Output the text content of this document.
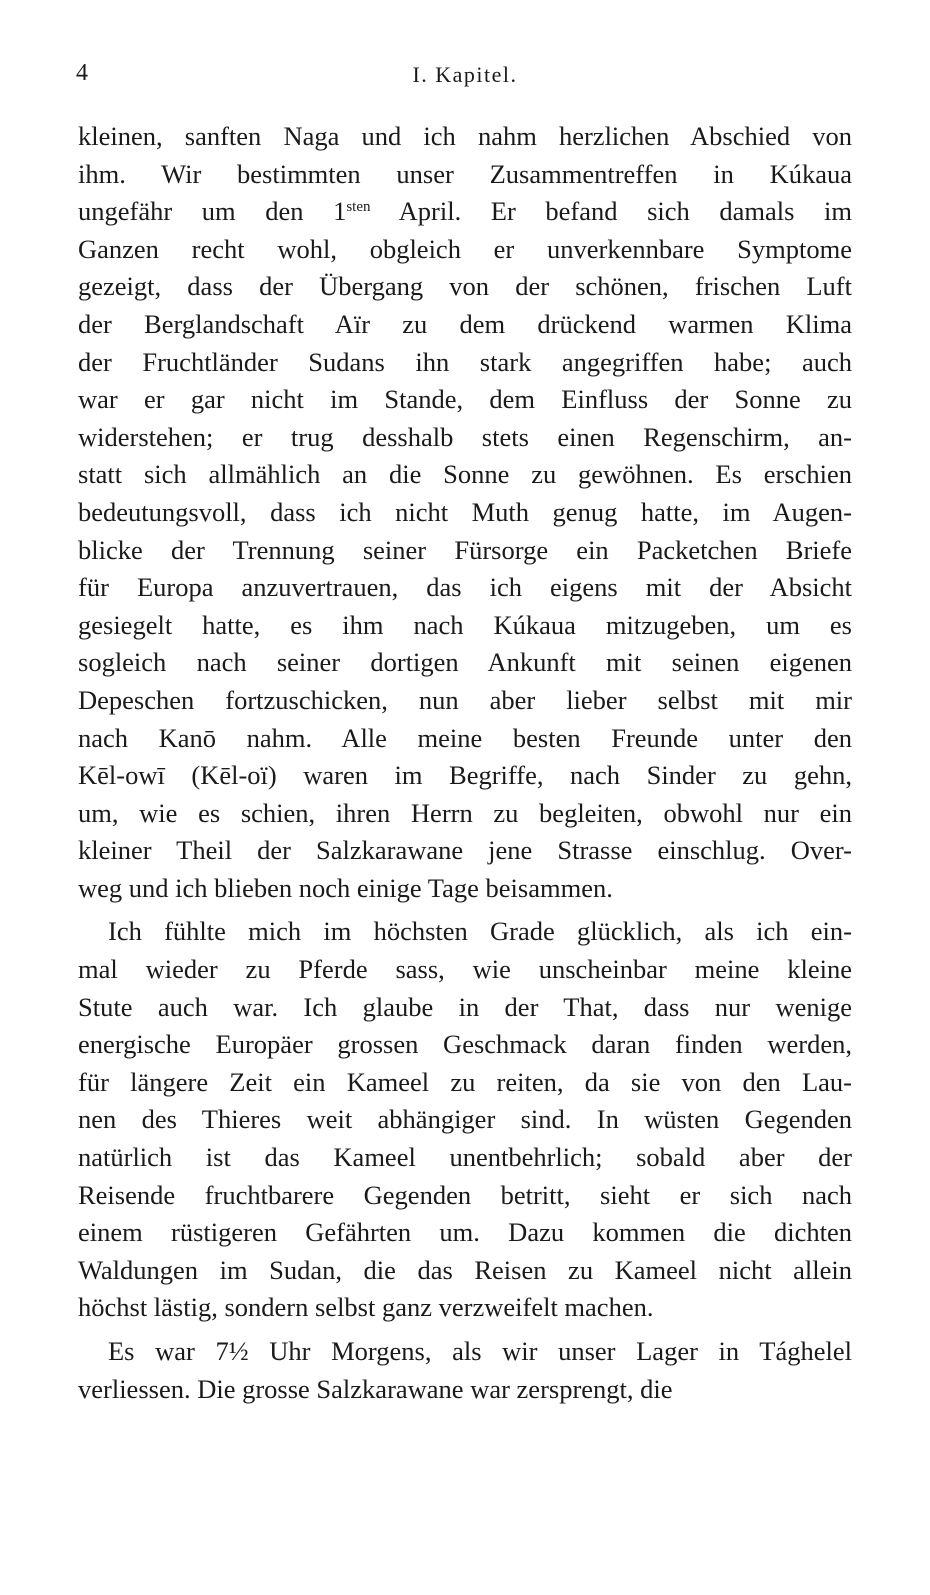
4	I. Kapitel.
kleinen, sanften Naga und ich nahm herzlichen Abschied von
ihm. Wir bestimmten unser Zusammentreffen in Kúkaua
ungefähr um den $1^{sten}$ April. Er befand sich damals im
Ganzen recht wohl, obgleich er unverkennbare Symptome
gezeigt, dass der Übergang von der schönen, frischen Luft
der Berglandschaft Aïr zu dem drückend warmen Klima
der Fruchtländer Sudans ihn stark angegriffen habe; auch
war er gar nicht im Stande, dem Einfluss der Sonne zu
widerstehen; er trug desshalb stets einen Regenschirm, an-
statt sich allmählich an die Sonne zu gewöhnen. Es erschien
bedeutungsvoll, dass ich nicht Muth genug hatte, im Augen-
blicke der Trennung seiner Fürsorge ein Packetchen Briefe
für Europa anzuvertrauen, das ich eigens mit der Absicht
gesiegelt hatte, es ihm nach Kúkaua mitzugeben, um es
sogleich nach seiner dortigen Ankunft mit seinen eigenen
Depeschen fortzuschicken, nun aber lieber selbst mit mir
nach Kanō nahm. Alle meine besten Freunde unter den
Kēl-owī (Kēl-oï) waren im Begriffe, nach Sinder zu gehn,
um, wie es schien, ihren Herrn zu begleiten, obwohl nur ein
kleiner Theil der Salzkarawane jene Strasse einschlug. Over-
weg und ich blieben noch einige Tage beisammen.
Ich fühlte mich im höchsten Grade glücklich, als ich ein-
mal wieder zu Pferde sass, wie unscheinbar meine kleine
Stute auch war. Ich glaube in der That, dass nur wenige
energische Europäer grossen Geschmack daran finden werden,
für längere Zeit ein Kameel zu reiten, da sie von den Lau-
nen des Thieres weit abhängiger sind. In wüsten Gegenden
natürlich ist das Kameel unentbehrlich; sobald aber der
Reisende fruchtbarere Gegenden betritt, sieht er sich nach
einem rüstigeren Gefährten um. Dazu kommen die dichten
Waldungen im Sudan, die das Reisen zu Kameel nicht allein
höchst lästig, sondern selbst ganz verzweifelt machen.
Es war 7½ Uhr Morgens, als wir unser Lager in Tághelel
verliessen. Die grosse Salzkarawane war zersprengt, die
